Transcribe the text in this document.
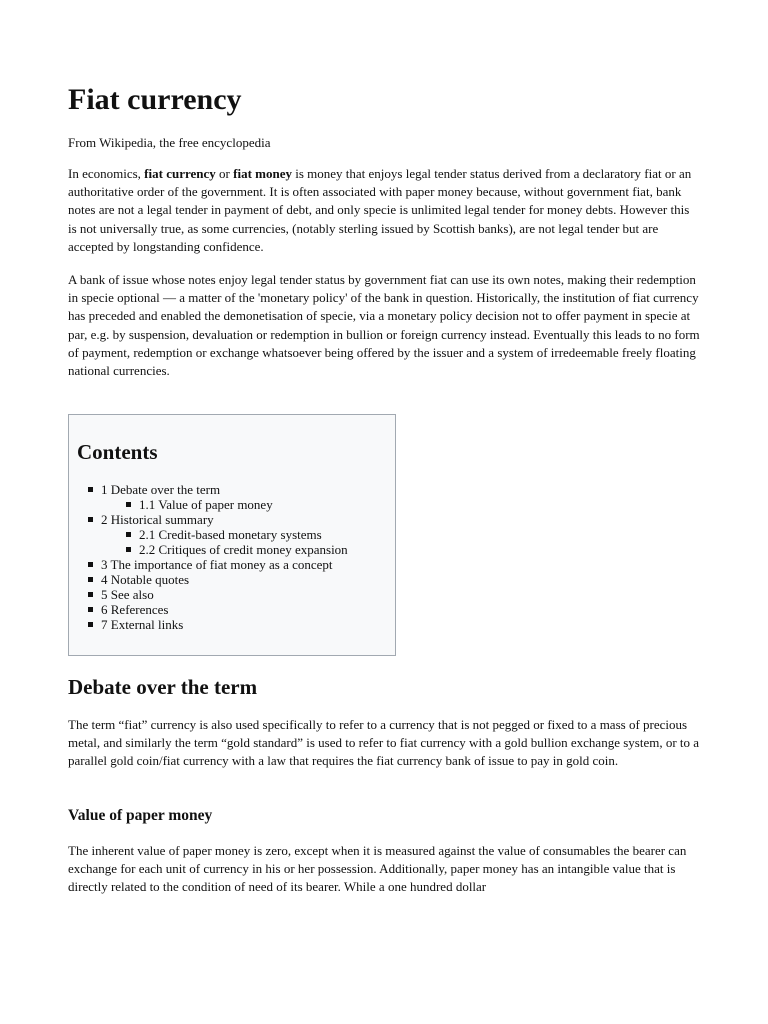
Fiat currency
From Wikipedia, the free encyclopedia

In economics, fiat currency or fiat money is money that enjoys legal tender status derived from a declaratory fiat or an authoritative order of the government. It is often associated with paper money because, without government fiat, bank notes are not a legal tender in payment of debt, and only specie is unlimited legal tender for money debts. However this is not universally true, as some currencies, (notably sterling issued by Scottish banks), are not legal tender but are accepted by longstanding confidence.

A bank of issue whose notes enjoy legal tender status by government fiat can use its own notes, making their redemption in specie optional — a matter of the 'monetary policy' of the bank in question. Historically, the institution of fiat currency has preceded and enabled the demonetisation of specie, via a monetary policy decision not to offer payment in specie at par, e.g. by suspension, devaluation or redemption in bullion or foreign currency instead. Eventually this leads to no form of payment, redemption or exchange whatsoever being offered by the issuer and a system of irredeemable freely floating national currencies.

Contents
1 Debate over the term
1.1 Value of paper money
2 Historical summary
2.1 Credit-based monetary systems
2.2 Critiques of credit money expansion
3 The importance of fiat money as a concept
4 Notable quotes
5 See also
6 References
7 External links
Debate over the term

The term “fiat” currency is also used specifically to refer to a currency that is not pegged or fixed to a mass of precious metal, and similarly the term “gold standard” is used to refer to fiat currency with a gold bullion exchange system, or to a parallel gold coin/fiat currency with a law that requires the fiat currency bank of issue to pay in gold coin.

Value of paper money

The inherent value of paper money is zero, except when it is measured against the value of consumables the bearer can exchange for each unit of currency in his or her possession. Additionally, paper money has an intangible value that is directly related to the condition of need of its bearer. While a one hundred dollar
